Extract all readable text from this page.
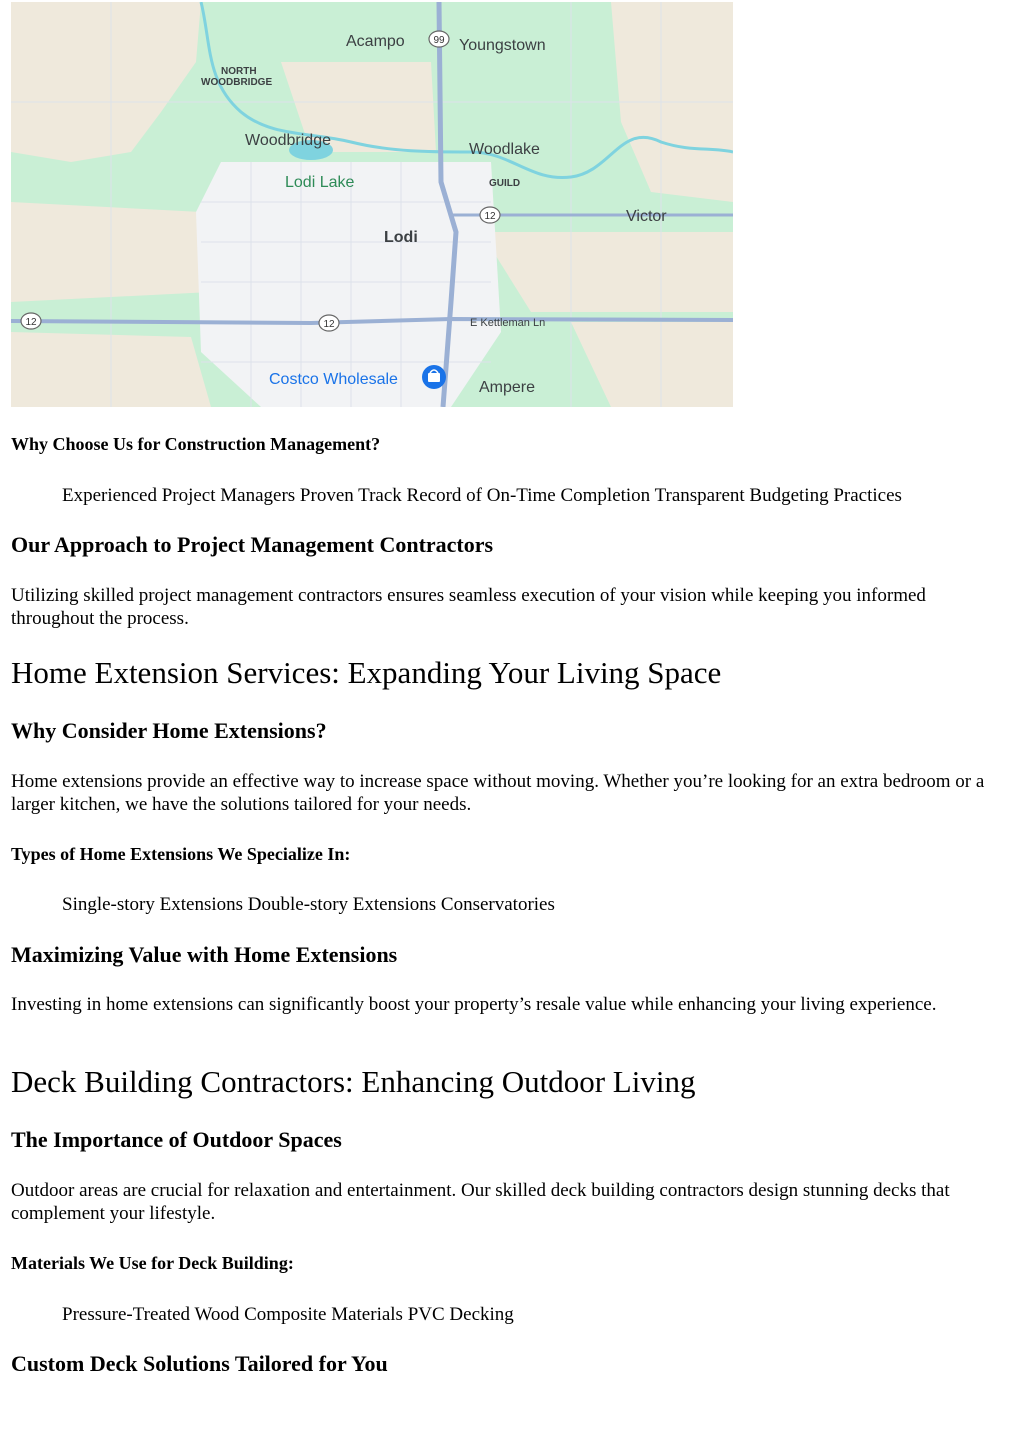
99
12	12
12
Acampo	Youngstown
NORTH
WOODBRIDGE
Woodbridge
Lodi Lake
Woodlake
GUILD
Victor
Lodi
E Kettleman Ln
Costco Wholesale	Ampere

Why Choose Us for Construction Management?

Experienced Project Managers Proven Track Record of On-Time Completion Transparent Budgeting Practices

Our Approach to Project Management Contractors

Utilizing skilled project management contractors ensures seamless execution of your vision while keeping you informed throughout the process.

Home Extension Services: Expanding Your Living Space

Why Consider Home Extensions?

Home extensions provide an effective way to increase space without moving. Whether you’re looking for an extra bedroom or a larger kitchen, we have the solutions tailored for your needs.

Types of Home Extensions We Specialize In:

Single-story Extensions Double-story Extensions Conservatories

Maximizing Value with Home Extensions

Investing in home extensions can significantly boost your property’s resale value while enhancing your living experience.

Deck Building Contractors: Enhancing Outdoor Living

The Importance of Outdoor Spaces

Outdoor areas are crucial for relaxation and entertainment. Our skilled deck building contractors design stunning decks that complement your lifestyle.

Materials We Use for Deck Building:

Pressure-Treated Wood Composite Materials PVC Decking

Custom Deck Solutions Tailored for You
